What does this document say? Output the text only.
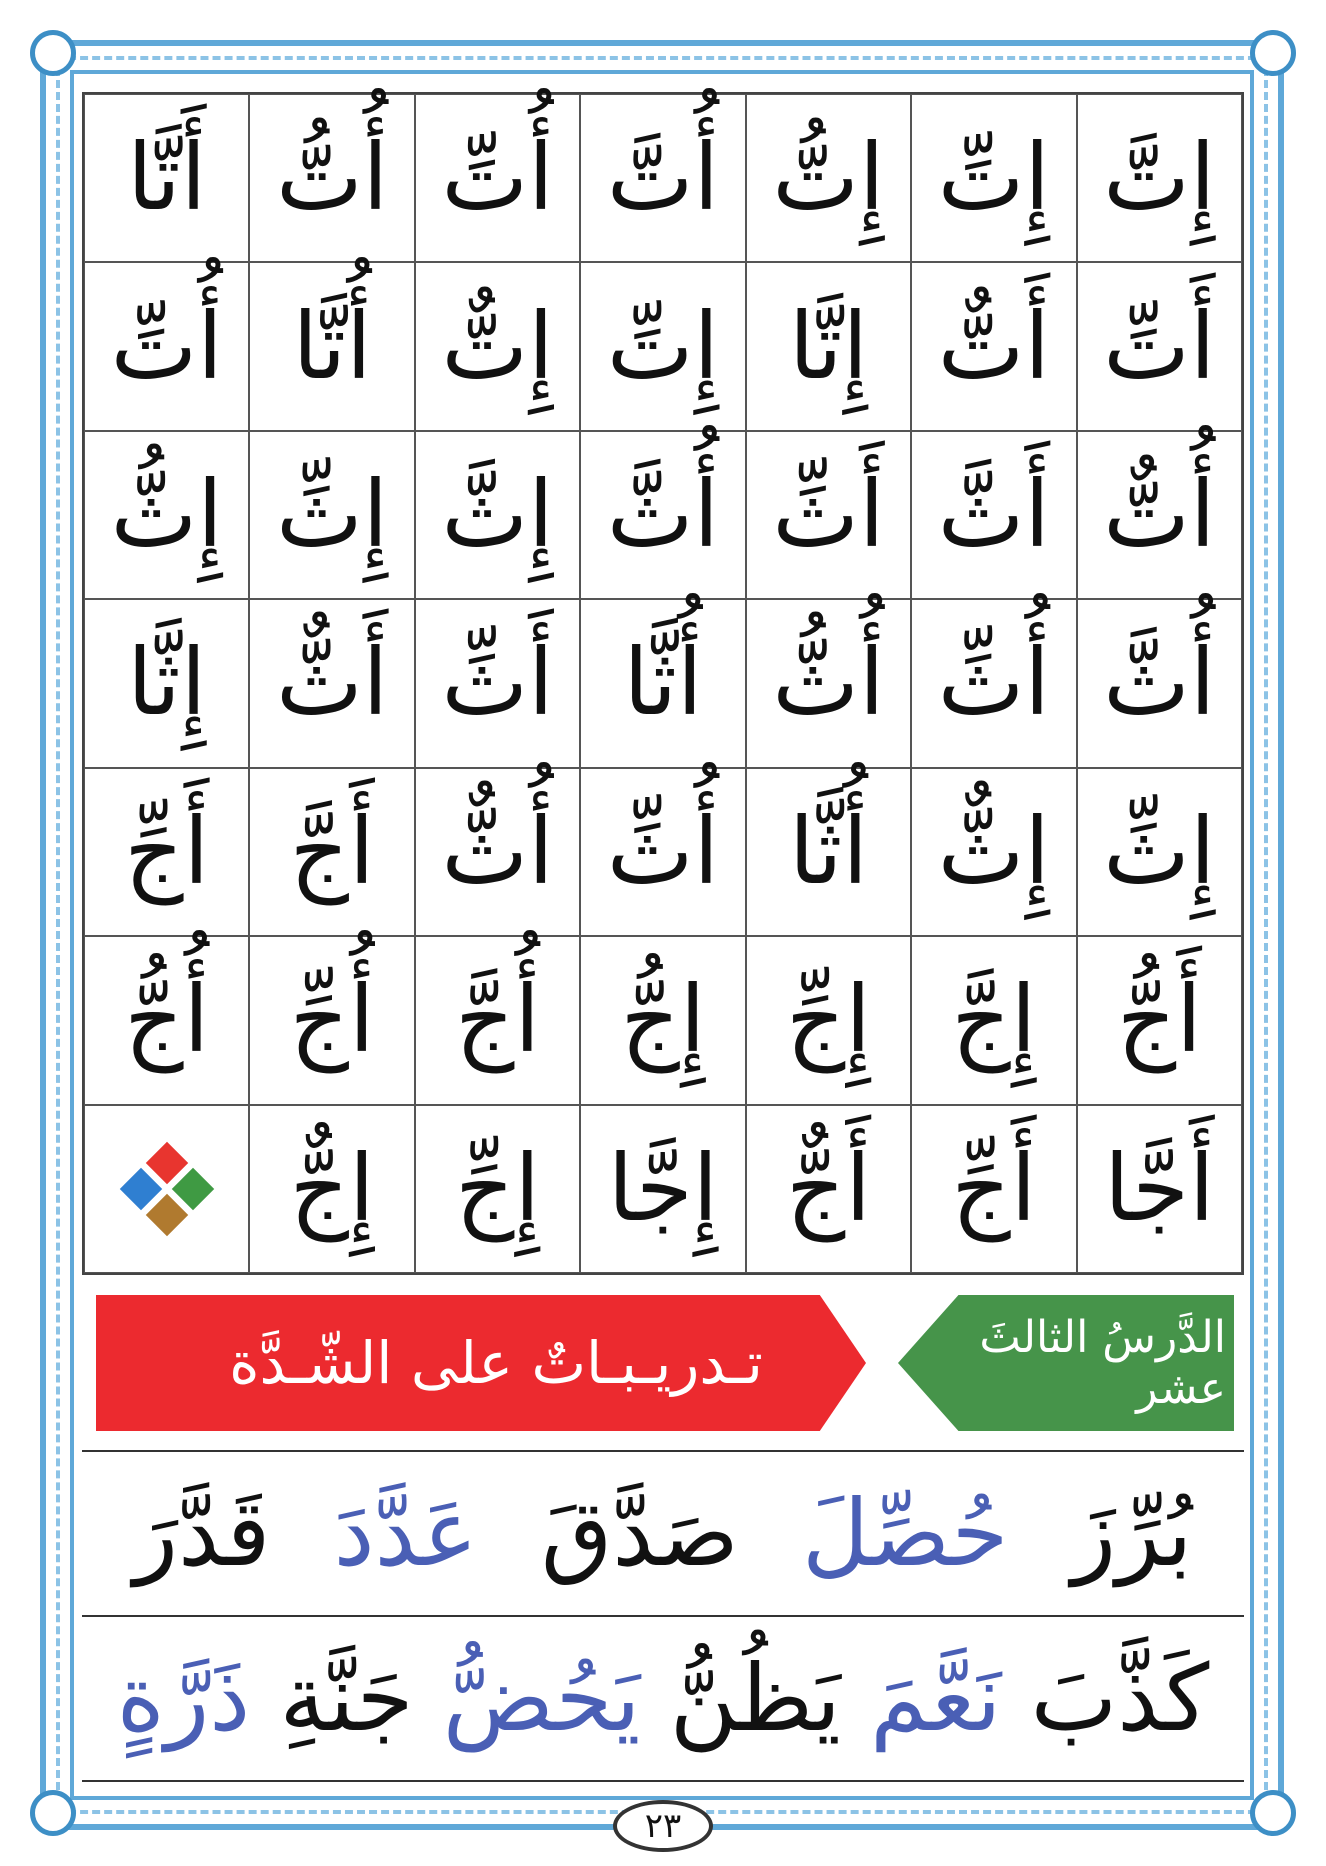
إِتَّ
إِتِّ
إِتُّ
أُتَّ
أُتِّ
أُتُّ
أَتَّا
أَتِّ
أَتٌّ
إِتَّا
إِتِّ
إِتٌّ
أُتَّا
أُتِّ
أُتٌّ
أَثَّ
أَثِّ
أُثَّ
إِثَّ
إِثِّ
إِثُّ
أُثَّ
أُثِّ
أُثُّ
أُثَّا
أَثِّ
أَثٌّ
إِثَّا
إِثِّ
إِثٌّ
أُثَّا
أُثِّ
أُثٌّ
أَجَّ
أَجِّ
أَجُّ
إِجَّ
إِجِّ
إِجُّ
أُجَّ
أُجِّ
أُجُّ
أَجَّا
أَجِّ
أَجٌّ
إِجَّا
إِجِّ
إِجٌّ
تـدريـبـاتٌ على الشّـدَّة	الدَّرسُ الثالثَ عشر
بُرِّزَ
حُصِّلَ
صَدَّقَ
عَدَّدَ
قَدَّرَ
كَذَّبَ
نَعَّمَ
يَظُنُّ
يَحُضُّ
جَنَّةِ
ذَرَّةٍ
٢٣
